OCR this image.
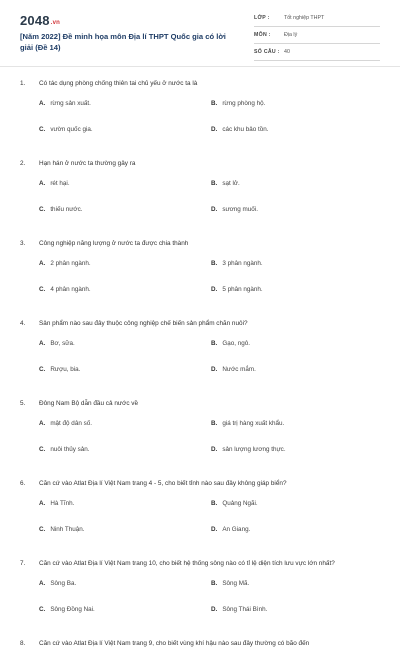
2048.vn
[Năm 2022] Đề minh họa môn Địa lí THPT Quốc gia có lời giải (Đề 14)
LỚP :	Tốt nghiệp THPT
MÔN : Địa lý
SỐ CÂU : 40
1. Có tác dụng phòng chống thiên tai chủ yếu ở nước ta là
A. rừng sản xuất.	B. rừng phòng hộ.
C. vườn quốc gia.	D. các khu bảo tồn.
2. Hạn hán ở nước ta thường gây ra
A. rét hại.	B. sạt lở.
C. thiếu nước.	D. sương muối.
3. Công nghiệp năng lượng ở nước ta được chia thành
A. 2 phân ngành.	B. 3 phân ngành.
C. 4 phân ngành.	D. 5 phân ngành.
4. Sản phẩm nào sau đây thuộc công nghiệp chế biến sản phẩm chăn nuôi?
A. Bơ, sữa.	B. Gạo, ngô.
C. Rượu, bia.	D. Nước mắm.
5. Đông Nam Bộ dẫn đầu cả nước về
A. mật độ dân số.	B. giá trị hàng xuất khẩu.
C. nuôi thủy sản.	D. sản lượng lương thực.
6. Căn cứ vào Atlat Địa lí Việt Nam trang 4 - 5, cho biết tỉnh nào sau đây không giáp biển?
A. Hà Tĩnh.	B. Quảng Ngãi.
C. Ninh Thuận.	D. An Giang.
7. Căn cứ vào Atlat Địa lí Việt Nam trang 10, cho biết hệ thống sông nào có tỉ lệ diện tích lưu vực lớn nhất?
A. Sông Ba.	B. Sông Mã.
C. Sông Đồng Nai.	D. Sông Thái Bình.
8. Căn cứ vào Atlat Địa lí Việt Nam trang 9, cho biết vùng khí hậu nào sau đây thường có bão đến
